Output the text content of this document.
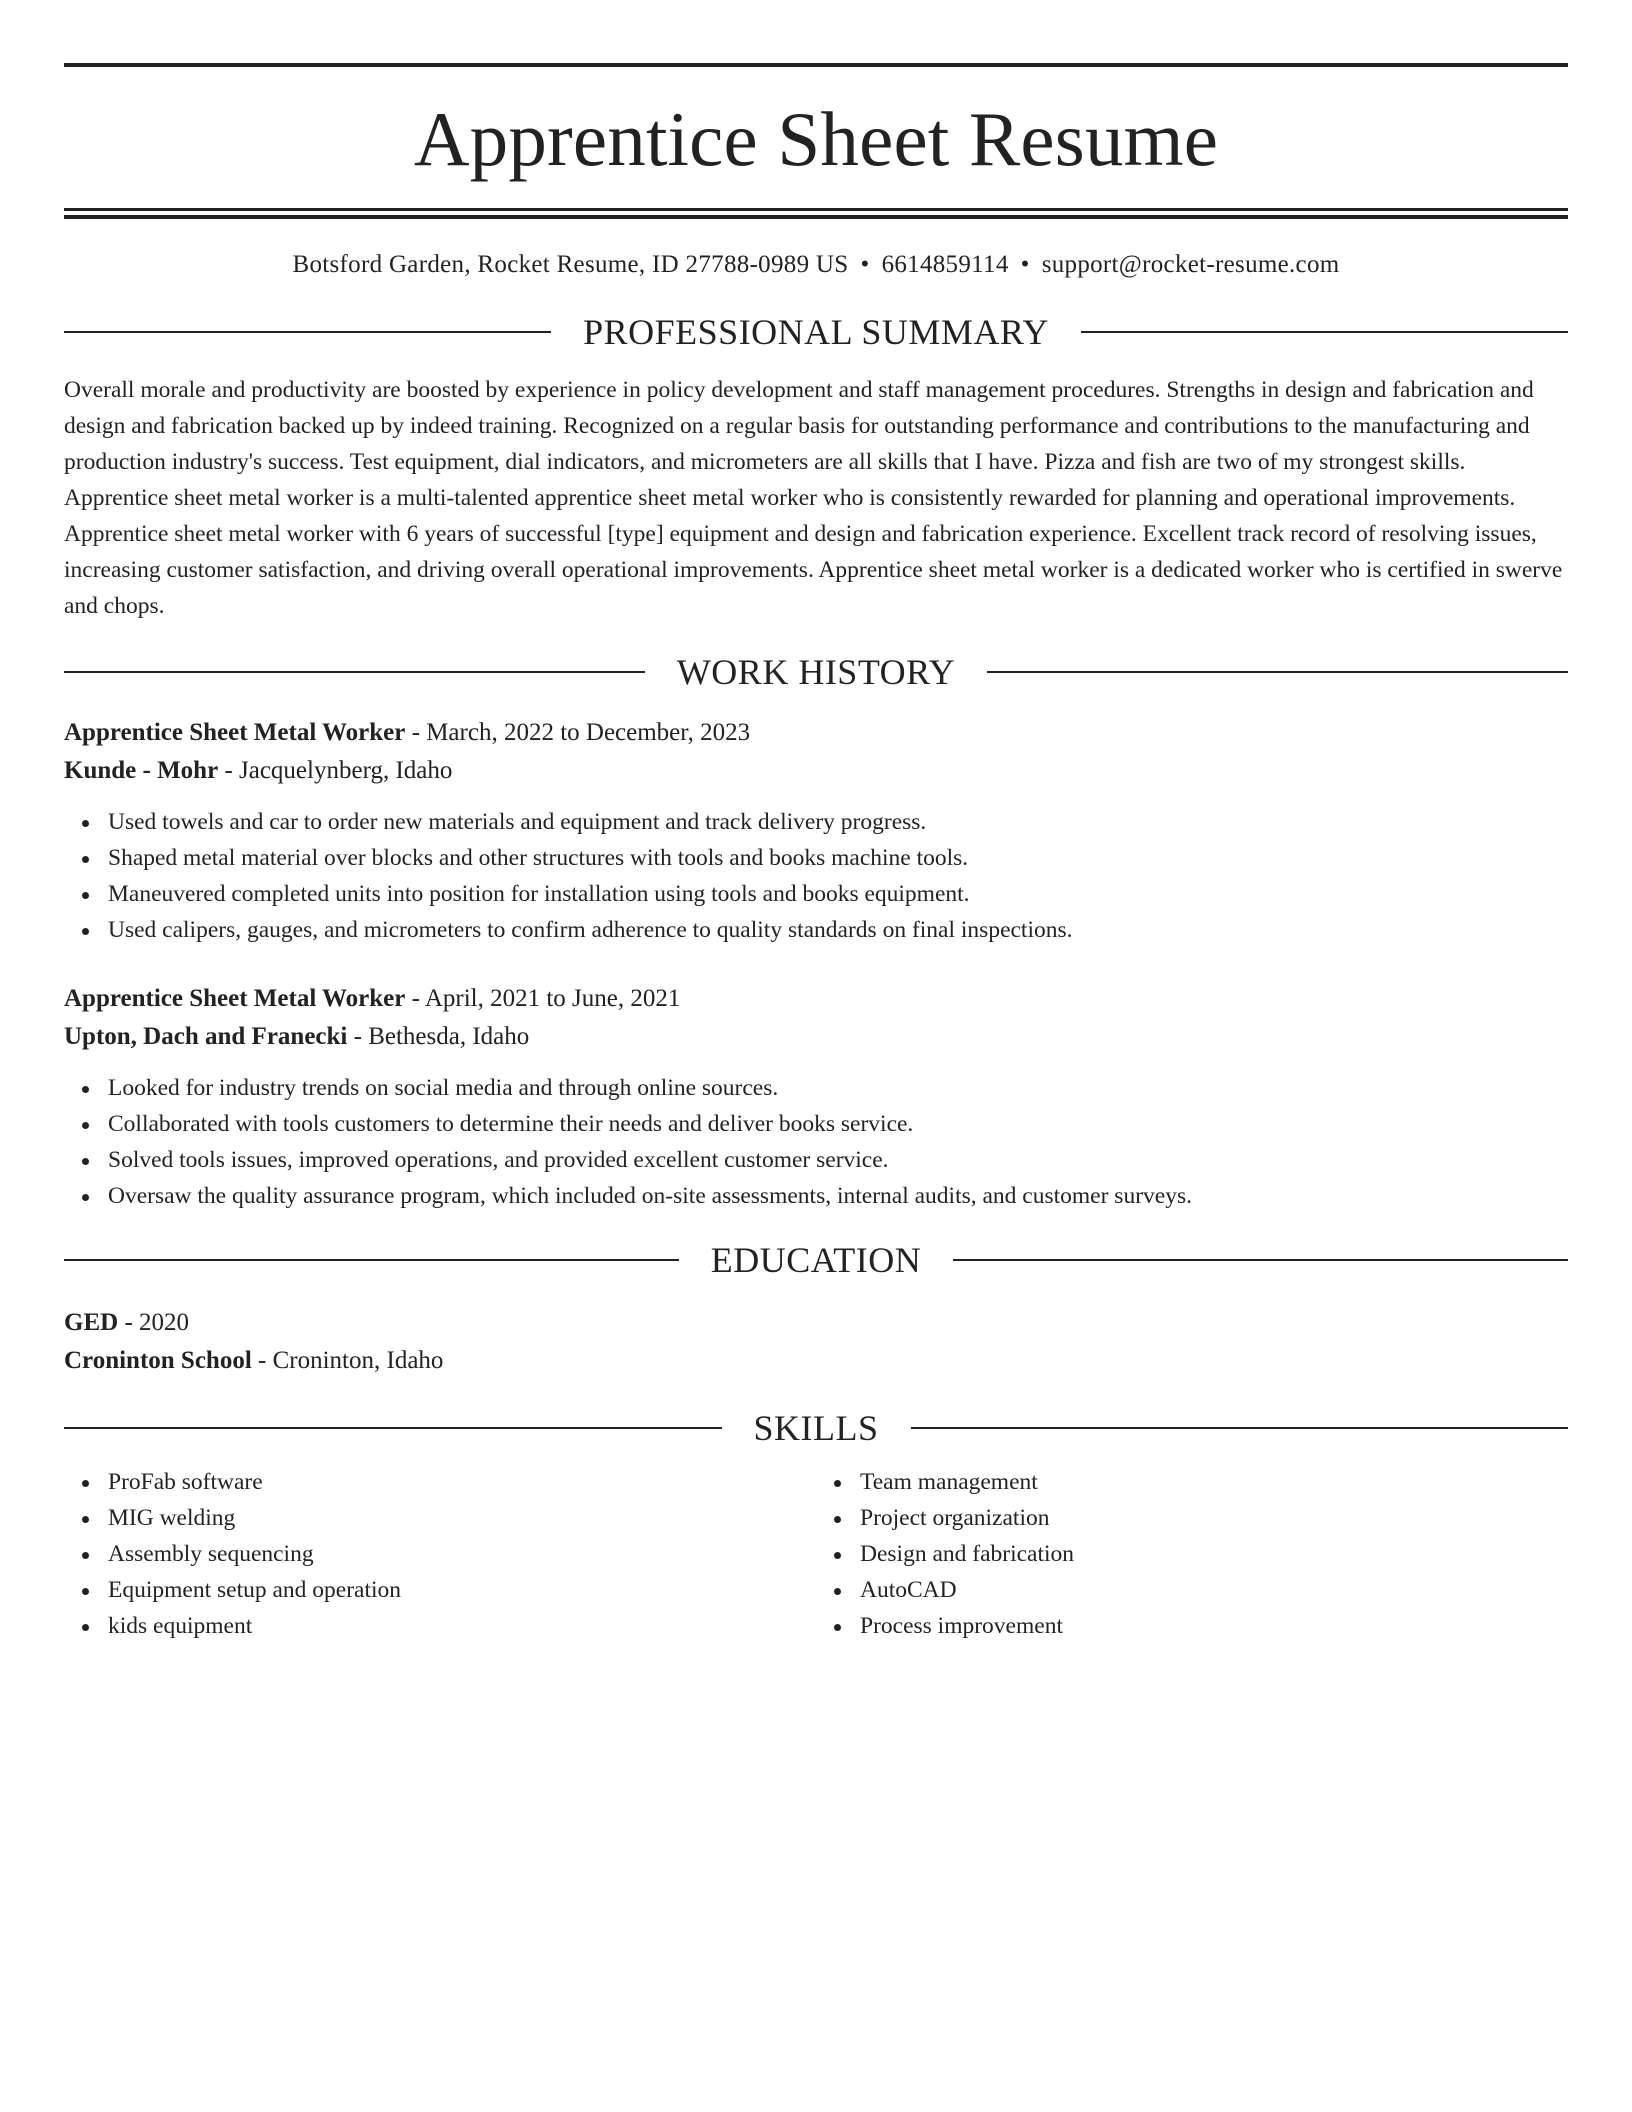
Apprentice Sheet Resume
Botsford Garden, Rocket Resume, ID 27788-0989 US • 6614859114 • support@rocket-resume.com
PROFESSIONAL SUMMARY
Overall morale and productivity are boosted by experience in policy development and staff management procedures. Strengths in design and fabrication and design and fabrication backed up by indeed training. Recognized on a regular basis for outstanding performance and contributions to the manufacturing and production industry's success. Test equipment, dial indicators, and micrometers are all skills that I have. Pizza and fish are two of my strongest skills. Apprentice sheet metal worker is a multi-talented apprentice sheet metal worker who is consistently rewarded for planning and operational improvements. Apprentice sheet metal worker with 6 years of successful [type] equipment and design and fabrication experience. Excellent track record of resolving issues, increasing customer satisfaction, and driving overall operational improvements. Apprentice sheet metal worker is a dedicated worker who is certified in swerve and chops.
WORK HISTORY
Apprentice Sheet Metal Worker - March, 2022 to December, 2023
Kunde - Mohr - Jacquelynberg, Idaho
Used towels and car to order new materials and equipment and track delivery progress.
Shaped metal material over blocks and other structures with tools and books machine tools.
Maneuvered completed units into position for installation using tools and books equipment.
Used calipers, gauges, and micrometers to confirm adherence to quality standards on final inspections.
Apprentice Sheet Metal Worker - April, 2021 to June, 2021
Upton, Dach and Franecki - Bethesda, Idaho
Looked for industry trends on social media and through online sources.
Collaborated with tools customers to determine their needs and deliver books service.
Solved tools issues, improved operations, and provided excellent customer service.
Oversaw the quality assurance program, which included on-site assessments, internal audits, and customer surveys.
EDUCATION
GED - 2020
Croninton School - Croninton, Idaho
SKILLS
ProFab software
MIG welding
Assembly sequencing
Equipment setup and operation
kids equipment
Team management
Project organization
Design and fabrication
AutoCAD
Process improvement
